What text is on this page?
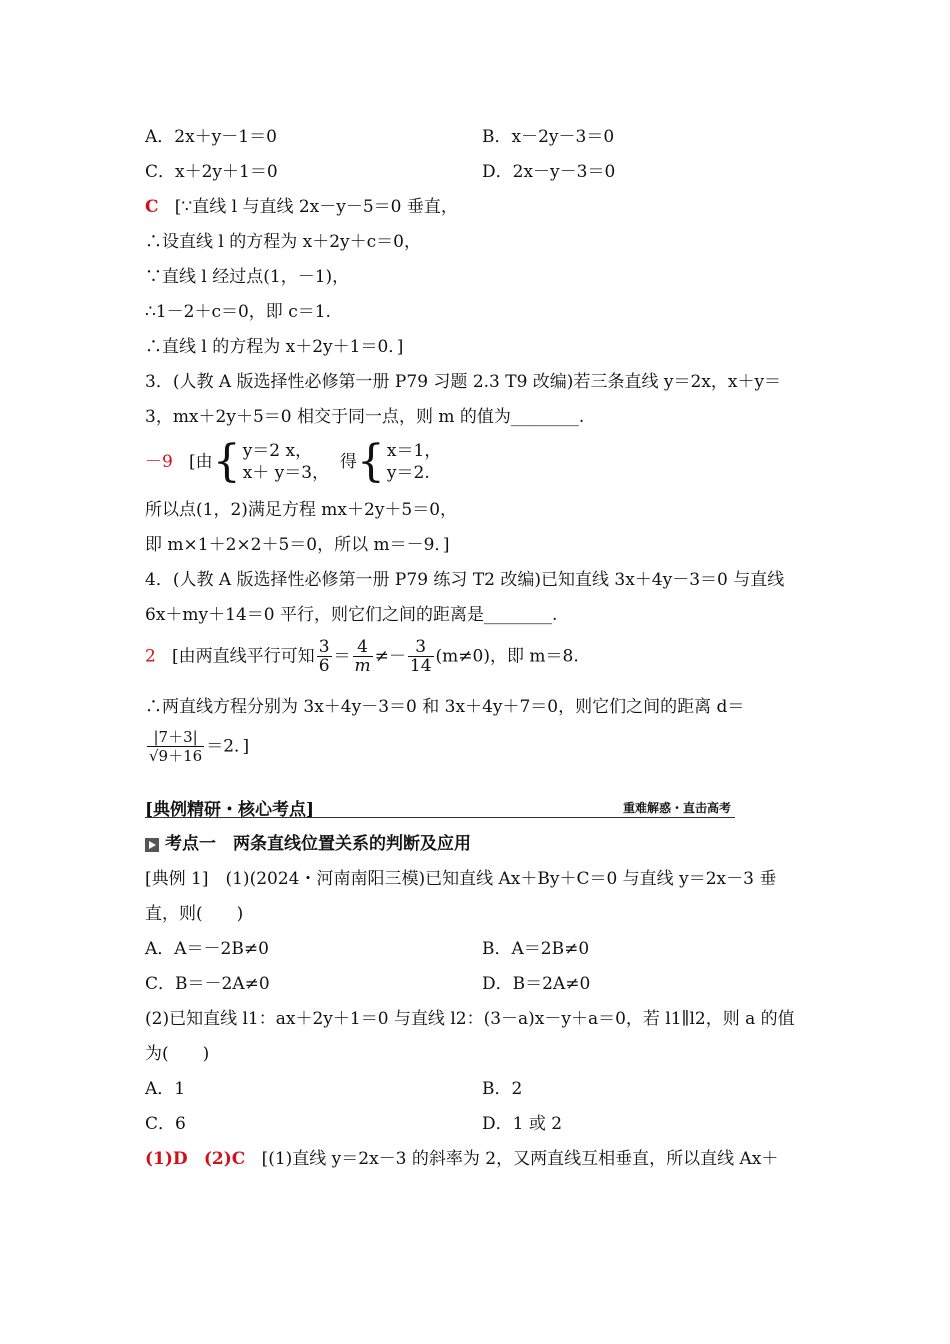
A．2x＋y－1＝0	B．x－2y－3＝0
C．x＋2y＋1＝0	D．2x－y－3＝0
C [∵直线 l 与直线 2x－y－5＝0 垂直，
∴设直线 l 的方程为 x＋2y＋c＝0，
∵直线 l 经过点(1，－1)，
∴1－2＋c＝0，即 c＝1.
∴直线 l 的方程为 x＋2y＋1＝0．]
3．(人教 A 版选择性必修第一册 P79 习题 2.3 T9 改编)若三条直线 y＝2x，x＋y＝
3，mx＋2y＋5＝0 相交于同一点，则 m 的值为________.
－9 [由{ y＝2 x，
x＋ y＝3，
得{ x＝1，
y＝2.
所以点(1，2)满足方程 mx＋2y＋5＝0，
即 m×1＋2×2＋5＝0，所以 m＝－9．]
4．(人教 A 版选择性必修第一册 P79 练习 T2 改编)已知直线 3x＋4y－3＝0 与直线
6x＋my＋14＝0 平行，则它们之间的距离是________.
2 [由两直线平行可知 $\frac{3}{6} = \frac{4}{m} \ne- \frac{3}{14} (m\ne 0)$，即 m＝8.
∴两直线方程分别为 3x＋4y－3＝0 和 3x＋4y＋7＝0，则它们之间的距离 d＝
$\frac{|7+3|}{√9+16} =2$．]
[典例精研・核心考点]	重难解惑・直击高考
考点一　两条直线位置关系的判断及应用
[典例 1]　(1)(2024・河南南阳三模)已知直线 Ax＋By＋C＝0 与直线 y＝2x－3 垂
直，则(　　)
A．A＝－2B≠0	B．A＝2B≠0
C．B＝－2A≠0	D．B＝2A≠0
(2)已知直线 l1：ax＋2y＋1＝0 与直线 l2：(3－a)x－y＋a＝0，若 l1∥l2，则 a 的值
为(　　)
A．1	B．2
C．6	D．1 或 2
(1)D (2)C [(1)直线 y＝2x－3 的斜率为 2，又两直线互相垂直，所以直线 Ax＋
